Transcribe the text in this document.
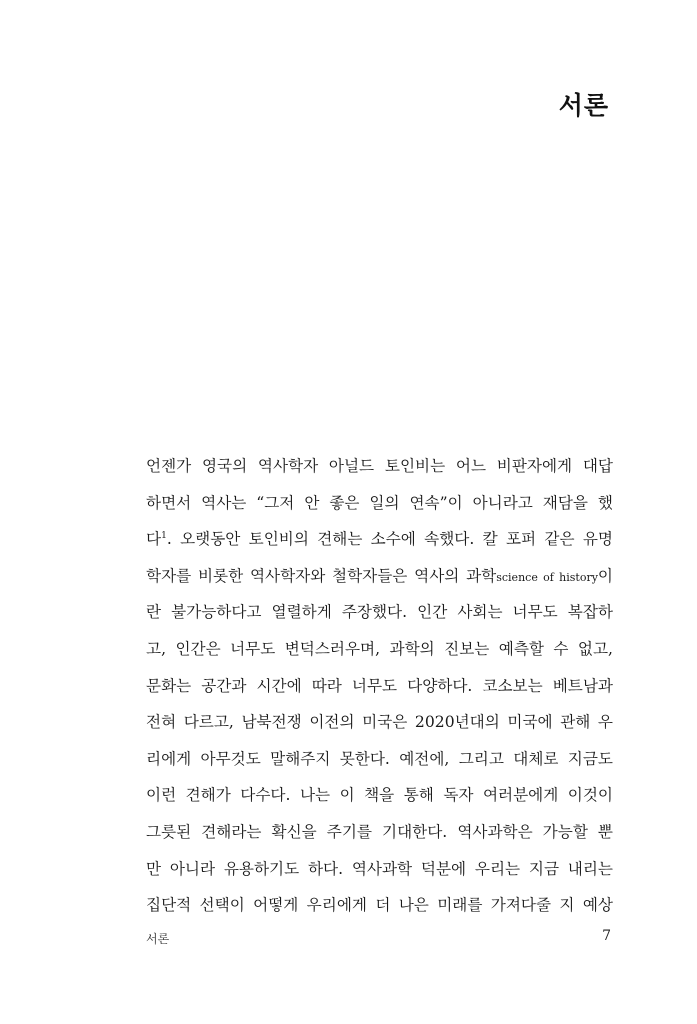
서론
언젠가 영국의 역사학자 아널드 토인비는 어느 비판자에게 대답
하면서 역사는 “그저 안 좋은 일의 연속”이 아니라고 재담을 했
다$^1$. 오랫동안 토인비의 견해는 소수에 속했다. 칼 포퍼 같은 유명
학자를 비롯한 역사학자와 철학자들은 역사의 과학science of history이
란 불가능하다고 열렬하게 주장했다. 인간 사회는 너무도 복잡하
고, 인간은 너무도 변덕스러우며, 과학의 진보는 예측할 수 없고,
문화는 공간과 시간에 따라 너무도 다양하다. 코소보는 베트남과
전혀 다르고, 남북전쟁 이전의 미국은 2020년대의 미국에 관해 우
리에게 아무것도 말해주지 못한다. 예전에, 그리고 대체로 지금도
이런 견해가 다수다. 나는 이 책을 통해 독자 여러분에게 이것이
그릇된 견해라는 확신을 주기를 기대한다. 역사과학은 가능할 뿐
만 아니라 유용하기도 하다. 역사과학 덕분에 우리는 지금 내리는
집단적 선택이 어떻게 우리에게 더 나은 미래를 가져다줄 지 예상
서론	7
